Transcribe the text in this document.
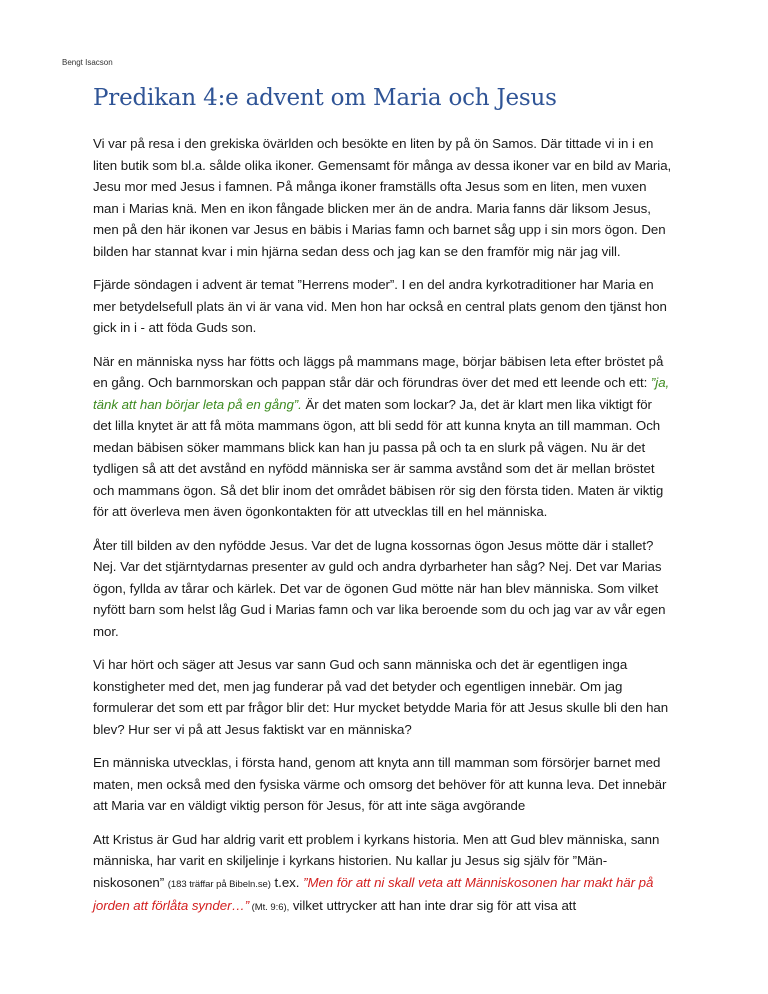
Bengt Isacson
Predikan 4:e advent om Maria och Jesus

Vi var på resa i den grekiska övärlden och besökte en liten by på ön Samos. Där tittade vi in i en liten butik som bl.a. sålde olika ikoner. Gemensamt för många av dessa ikoner var en bild av Maria, Jesu mor med Jesus i famnen. På många ikoner framställs ofta Jesus som en liten, men vuxen man i Marias knä. Men en ikon fångade blicken mer än de andra. Maria fanns där liksom Jesus, men på den här ikonen var Jesus en bäbis i Marias famn och barnet såg upp i sin mors ögon. Den bilden har stannat kvar i min hjärna sedan dess och jag kan se den framför mig när jag vill.

Fjärde söndagen i advent är temat ”Herrens moder”. I en del andra kyrkotraditioner har Maria en mer betydelsefull plats än vi är vana vid. Men hon har också en central plats genom den tjänst hon gick in i - att föda Guds son.

När en människa nyss har fötts och läggs på mammans mage, börjar bäbisen leta efter bröstet på en gång. Och barnmorskan och pappan står där och förundras över det med ett leende och ett: ”ja, tänk att han börjar leta på en gång”. Är det maten som lockar? Ja, det är klart men lika viktigt för det lilla knytet är att få möta mammans ögon, att bli sedd för att kunna knyta an till mamman. Och medan bäbisen söker mammans blick kan han ju passa på och ta en slurk på vägen. Nu är det tydligen så att det avstånd en nyfödd människa ser är samma avstånd som det är mellan bröstet och mammans ögon. Så det blir inom det området bäbisen rör sig den första tiden. Maten är viktig för att överleva men även ögonkontakten för att utvecklas till en hel människa.

Åter till bilden av den nyfödde Jesus. Var det de lugna kossornas ögon Jesus mötte där i stallet? Nej. Var det stjärntydarnas presenter av guld och andra dyrbarheter han såg? Nej. Det var Marias ögon, fyllda av tårar och kärlek. Det var de ögonen Gud mötte när han blev människa. Som vilket nyfött barn som helst låg Gud i Marias famn och var lika beroende som du och jag var av vår egen mor.

Vi har hört och säger att Jesus var sann Gud och sann människa och det är egentligen inga konstigheter med det, men jag funderar på vad det betyder och egentligen innebär. Om jag formulerar det som ett par frågor blir det: Hur mycket betydde Maria för att Jesus skulle bli den han blev? Hur ser vi på att Jesus faktiskt var en människa?

En människa utvecklas, i första hand, genom att knyta ann till mamman som försörjer barnet med maten, men också med den fysiska värme och omsorg det behöver för att kunna leva. Det innebär att Maria var en väldigt viktig person för Jesus, för att inte säga avgörande

Att Kristus är Gud har aldrig varit ett problem i kyrkans historia. Men att Gud blev människa, sann människa, har varit en skiljelinje i kyrkans historien. Nu kallar ju Jesus sig själv för ”Män-niskosonen” (183 träffar på Bibeln.se) t.ex. ”Men för att ni skall veta att Människosonen har makt här på jorden att förlåta synder…” (Mt. 9:6), vilket uttrycker att han inte drar sig för att visa att
